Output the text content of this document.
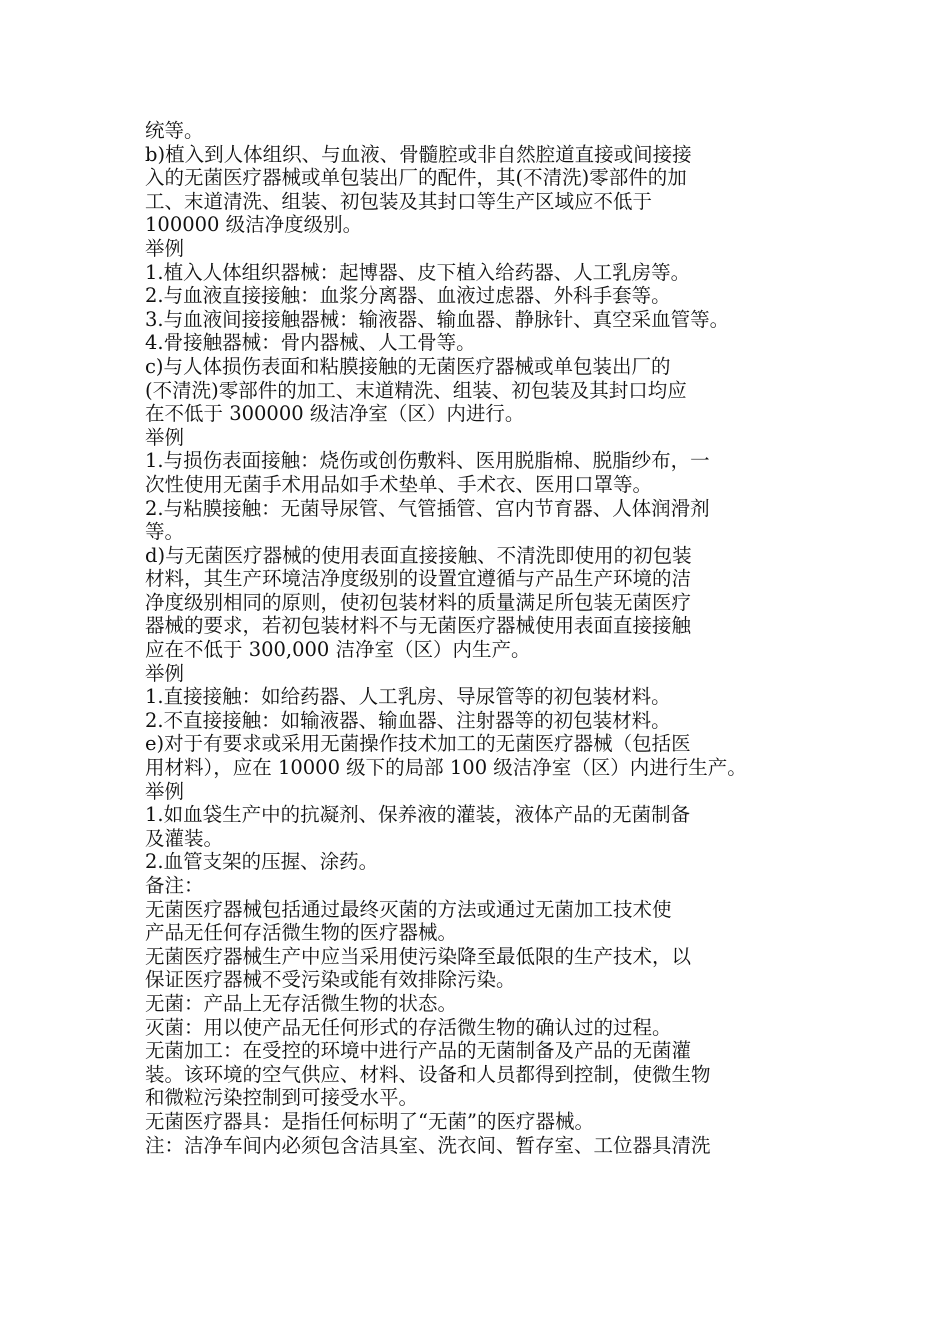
统等。
b)植入到人体组织、与血液、骨髓腔或非自然腔道直接或间接接
入的无菌医疗器械或单包装出厂的配件，其(不清洗)零部件的加
工、末道清洗、组装、初包装及其封口等生产区域应不低于
100000 级洁净度级别。
举例
1.植入人体组织器械：起博器、皮下植入给药器、人工乳房等。
2.与血液直接接触：血浆分离器、血液过虑器、外科手套等。
3.与血液间接接触器械：输液器、输血器、静脉针、真空采血管等。
4.骨接触器械：骨内器械、人工骨等。
c)与人体损伤表面和粘膜接触的无菌医疗器械或单包装出厂的
(不清洗)零部件的加工、末道精洗、组装、初包装及其封口均应
在不低于 300000 级洁净室（区）内进行。
举例
1.与损伤表面接触：烧伤或创伤敷料、医用脱脂棉、脱脂纱布，一
次性使用无菌手术用品如手术垫单、手术衣、医用口罩等。
2.与粘膜接触：无菌导尿管、气管插管、宫内节育器、人体润滑剂
等。
d)与无菌医疗器械的使用表面直接接触、不清洗即使用的初包装
材料，其生产环境洁净度级别的设置宜遵循与产品生产环境的洁
净度级别相同的原则，使初包装材料的质量满足所包装无菌医疗
器械的要求，若初包装材料不与无菌医疗器械使用表面直接接触
应在不低于 300,000 洁净室（区）内生产。
举例
1.直接接触：如给药器、人工乳房、导尿管等的初包装材料。
2.不直接接触：如输液器、输血器、注射器等的初包装材料。
e)对于有要求或采用无菌操作技术加工的无菌医疗器械（包括医
用材料），应在 10000 级下的局部 100 级洁净室（区）内进行生产。
举例
1.如血袋生产中的抗凝剂、保养液的灌装，液体产品的无菌制备
及灌装。
2.血管支架的压握、涂药。
备注：
无菌医疗器械包括通过最终灭菌的方法或通过无菌加工技术使
产品无任何存活微生物的医疗器械。
无菌医疗器械生产中应当采用使污染降至最低限的生产技术，以
保证医疗器械不受污染或能有效排除污染。
无菌：产品上无存活微生物的状态。
灭菌：用以使产品无任何形式的存活微生物的确认过的过程。
无菌加工：在受控的环境中进行产品的无菌制备及产品的无菌灌
装。该环境的空气供应、材料、设备和人员都得到控制，使微生物
和微粒污染控制到可接受水平。
无菌医疗器具：是指任何标明了“无菌”的医疗器械。
注：洁净车间内必须包含洁具室、洗衣间、暂存室、工位器具清洗
